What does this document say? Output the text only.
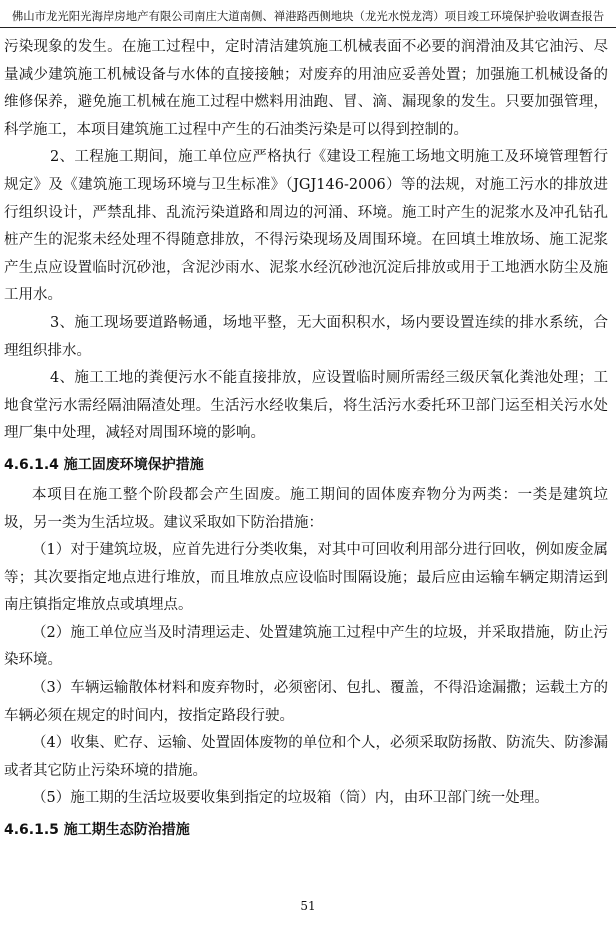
佛山市龙光阳光海岸房地产有限公司南庄大道南侧、禅港路西侧地块（龙光水悦龙湾）项目竣工环境保护验收调查报告

污染现象的发生。在施工过程中，定时清洁建筑施工机械表面不必要的润滑油及其它油污、尽量减少建筑施工机械设备与水体的直接接触；对废弃的用油应妥善处置；加强施工机械设备的维修保养，避免施工机械在施工过程中燃料用油跑、冒、滴、漏现象的发生。只要加强管理，科学施工，本项目建筑施工过程中产生的石油类污染是可以得到控制的。

2、工程施工期间，施工单位应严格执行《建设工程施工场地文明施工及环境管理暂行规定》及《建筑施工现场环境与卫生标准》（JGJ146-2006）等的法规，对施工污水的排放进行组织设计，严禁乱排、乱流污染道路和周边的河涌、环境。施工时产生的泥浆水及冲孔钻孔桩产生的泥浆未经处理不得随意排放，不得污染现场及周围环境。在回填土堆放场、施工泥浆产生点应设置临时沉砂池，含泥沙雨水、泥浆水经沉砂池沉淀后排放或用于工地洒水防尘及施工用水。

3、施工现场要道路畅通，场地平整，无大面积积水，场内要设置连续的排水系统，合理组织排水。

4、施工工地的粪便污水不能直接排放，应设置临时厕所需经三级厌氧化粪池处理；工地食堂污水需经隔油隔渣处理。生活污水经收集后，将生活污水委托环卫部门运至相关污水处理厂集中处理，减轻对周围环境的影响。

4.6.1.4 施工固废环境保护措施

本项目在施工整个阶段都会产生固废。施工期间的固体废弃物分为两类：一类是建筑垃圾，另一类为生活垃圾。建议采取如下防治措施：

（1）对于建筑垃圾，应首先进行分类收集，对其中可回收利用部分进行回收，例如废金属等；其次要指定地点进行堆放，而且堆放点应设临时围隔设施；最后应由运输车辆定期清运到南庄镇指定堆放点或填埋点。

（2）施工单位应当及时清理运走、处置建筑施工过程中产生的垃圾，并采取措施，防止污染环境。

（3）车辆运输散体材料和废弃物时，必须密闭、包扎、覆盖，不得沿途漏撒；运载土方的车辆必须在规定的时间内，按指定路段行驶。

（4）收集、贮存、运输、处置固体废物的单位和个人，必须采取防扬散、防流失、防渗漏或者其它防止污染环境的措施。

（5）施工期的生活垃圾要收集到指定的垃圾箱（筒）内，由环卫部门统一处理。

4.6.1.5 施工期生态防治措施

51
